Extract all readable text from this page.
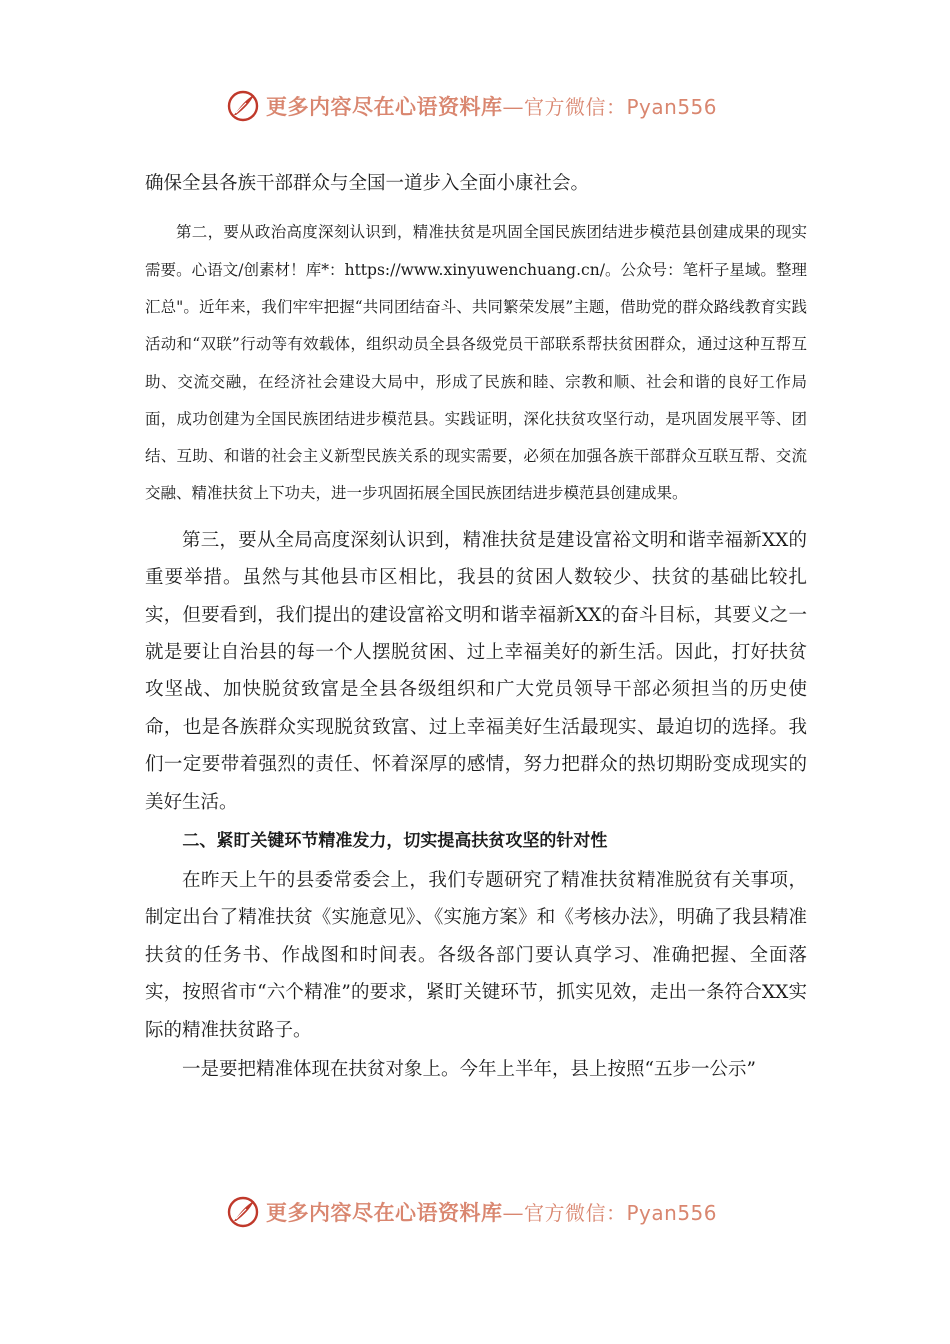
更多内容尽在心语资料库—官方微信：Pyan556

确保全县各族干部群众与全国一道步入全面小康社会。

第二，要从政治高度深刻认识到，精准扶贫是巩固全国民族团结进步模范县创建成果的现实需要。心语文/创素材！库*：https://www.xinyuwenchuang.cn/。公众号：笔杆子星域。整理汇总"。近年来，我们牢牢把握“共同团结奋斗、共同繁荣发展”主题，借助党的群众路线教育实践活动和“双联”行动等有效载体，组织动员全县各级党员干部联系帮扶贫困群众，通过这种互帮互助、交流交融，在经济社会建设大局中，形成了民族和睦、宗教和顺、社会和谐的良好工作局面，成功创建为全国民族团结进步模范县。实践证明，深化扶贫攻坚行动，是巩固发展平等、团结、互助、和谐的社会主义新型民族关系的现实需要，必须在加强各族干部群众互联互帮、交流交融、精准扶贫上下功夫，进一步巩固拓展全国民族团结进步模范县创建成果。

第三，要从全局高度深刻认识到，精准扶贫是建设富裕文明和谐幸福新XX的重要举措。虽然与其他县市区相比，我县的贫困人数较少、扶贫的基础比较扎实，但要看到，我们提出的建设富裕文明和谐幸福新XX的奋斗目标，其要义之一就是要让自治县的每一个人摆脱贫困、过上幸福美好的新生活。因此，打好扶贫攻坚战、加快脱贫致富是全县各级组织和广大党员领导干部必须担当的历史使命，也是各族群众实现脱贫致富、过上幸福美好生活最现实、最迫切的选择。我们一定要带着强烈的责任、怀着深厚的感情，努力把群众的热切期盼变成现实的美好生活。

二、紧盯关键环节精准发力，切实提高扶贫攻坚的针对性

在昨天上午的县委常委会上，我们专题研究了精准扶贫精准脱贫有关事项，制定出台了精准扶贫《实施意见》、《实施方案》和《考核办法》，明确了我县精准扶贫的任务书、作战图和时间表。各级各部门要认真学习、准确把握、全面落实，按照省市“六个精准”的要求，紧盯关键环节，抓实见效，走出一条符合XX实际的精准扶贫路子。

一是要把精准体现在扶贫对象上。今年上半年，县上按照“五步一公示”

更多内容尽在心语资料库—官方微信：Pyan556
